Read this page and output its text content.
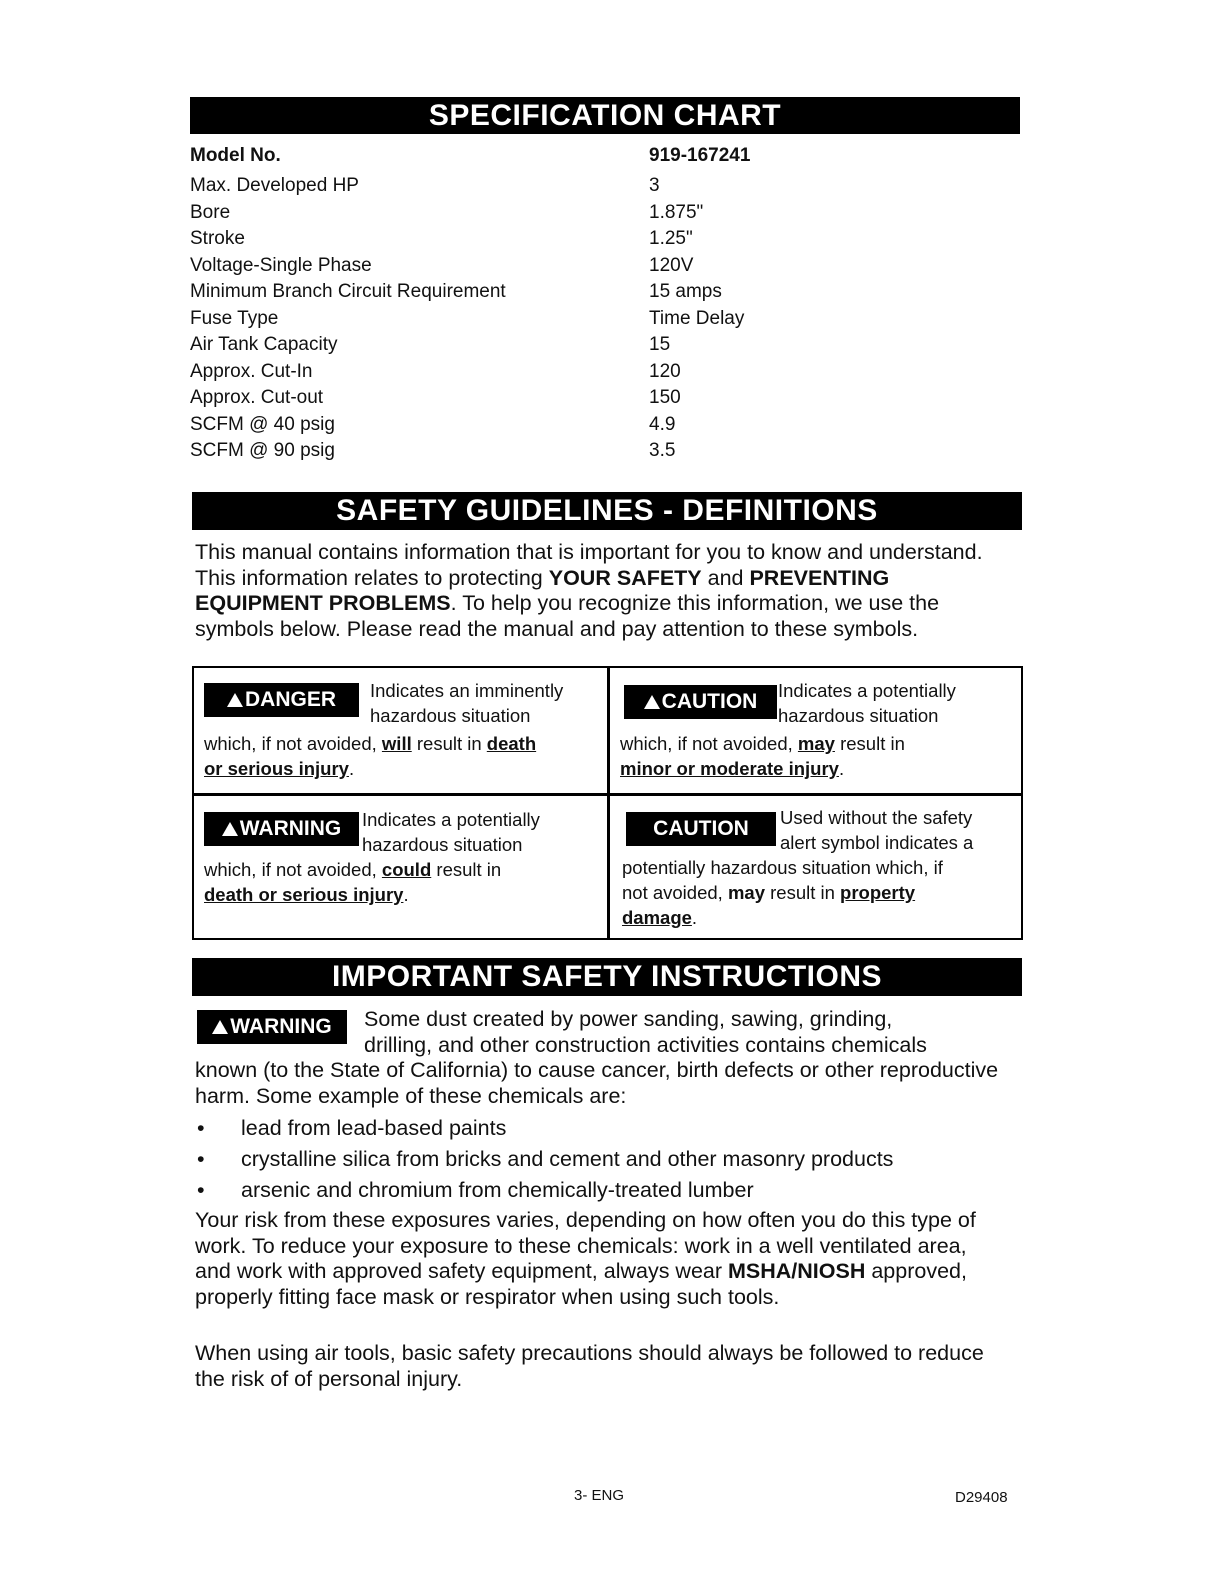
SPECIFICATION CHART
Model No.	919-167241
Max. Developed HP	3
Bore	1.875"
Stroke	1.25"
Voltage-Single Phase	120V
Minimum Branch Circuit Requirement	15 amps
Fuse Type	Time Delay
Air Tank Capacity	15
Approx. Cut-In	120
Approx. Cut-out	150
SCFM @ 40 psig	4.9
SCFM @ 90 psig	3.5
SAFETY GUIDELINES - DEFINITIONS
This manual contains information that is important for you to know and understand. This information relates to protecting YOUR SAFETY and PREVENTING EQUIPMENT PROBLEMS. To help you recognize this information, we use the symbols below. Please read the manual and pay attention to these symbols.
DANGER	Indicates an imminently hazardous situation
which, if not avoided, will result in death
or serious injury.
CAUTION	Indicates a potentially hazardous situation
which, if not avoided, may result in
minor or moderate injury.
WARNING	Indicates a potentially hazardous situation
which, if not avoided, could result in
death or serious injury.
CAUTION	Used without the safety alert symbol indicates a
potentially hazardous situation which, if
not avoided, may result in property
damage.
IMPORTANT SAFETY INSTRUCTIONS
WARNING	Some dust created by power sanding, sawing, grinding,
drilling, and other construction activities contains chemicals
known (to the State of California) to cause cancer, birth defects or other reproductive harm. Some example of these chemicals are:
• lead from lead-based paints
• crystalline silica from bricks and cement and other masonry products
• arsenic and chromium from chemically-treated lumber
Your risk from these exposures varies, depending on how often you do this type of work. To reduce your exposure to these chemicals: work in a well ventilated area, and work with approved safety equipment, always wear MSHA/NIOSH approved, properly fitting face mask or respirator when using such tools.
When using air tools, basic safety precautions should always be followed to reduce the risk of of personal injury.
3- ENG	D29408
